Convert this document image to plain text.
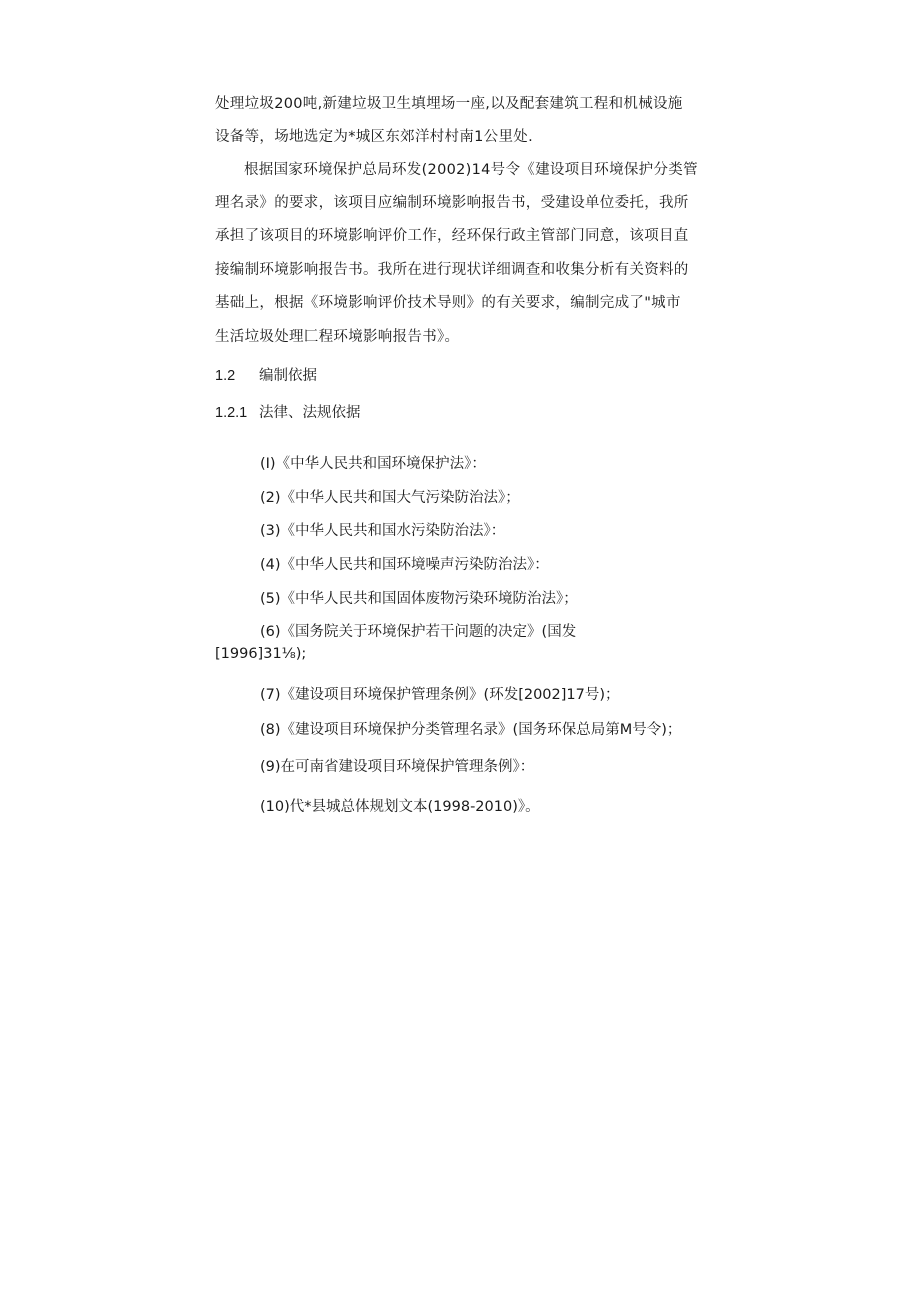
处理垃圾200吨,新建垃圾卫生填埋场一座,以及配套建筑工程和机械设施
设备等，场地选定为*城区东郊洋村村南1公里处.
根据国家环境保护总局环发(2002)14号令《建设项目环境保护分类管
理名录》的要求，该项目应编制环境影响报告书，受建设单位委托，我所
承担了该项目的环境影响评价工作，经环保行政主管部门同意，该项目直
接编制环境影响报告书。我所在进行现状详细调查和收集分析有关资料的
基础上，根据《环境影响评价技术导则》的有关要求，编制完成了"城市
生活垃圾处理匚程环境影响报告书》。
1.2 编制依据
1.2.1 法律、法规依据
(I)《中华人民共和国环境保护法》：
(2)《中华人民共和国大气污染防治法》；
(3)《中华人民共和国水污染防治法》：
(4)《中华人民共和国环境噪声污染防治法》：
(5)《中华人民共和国固体废物污染环境防治法》；
(6)《国务院关于环境保护若干问题的决定》(国发
[1996]31⅛);
(7)《建设项目环境保护管理条例》(环发[2002]17号)；
(8)《建设项目环境保护分类管理名录》(国务环保总局第M号令)；
(9)在可南省建设项目环境保护管理条例》：
(10)代*县城总体规划文本(1998-2010)》。
